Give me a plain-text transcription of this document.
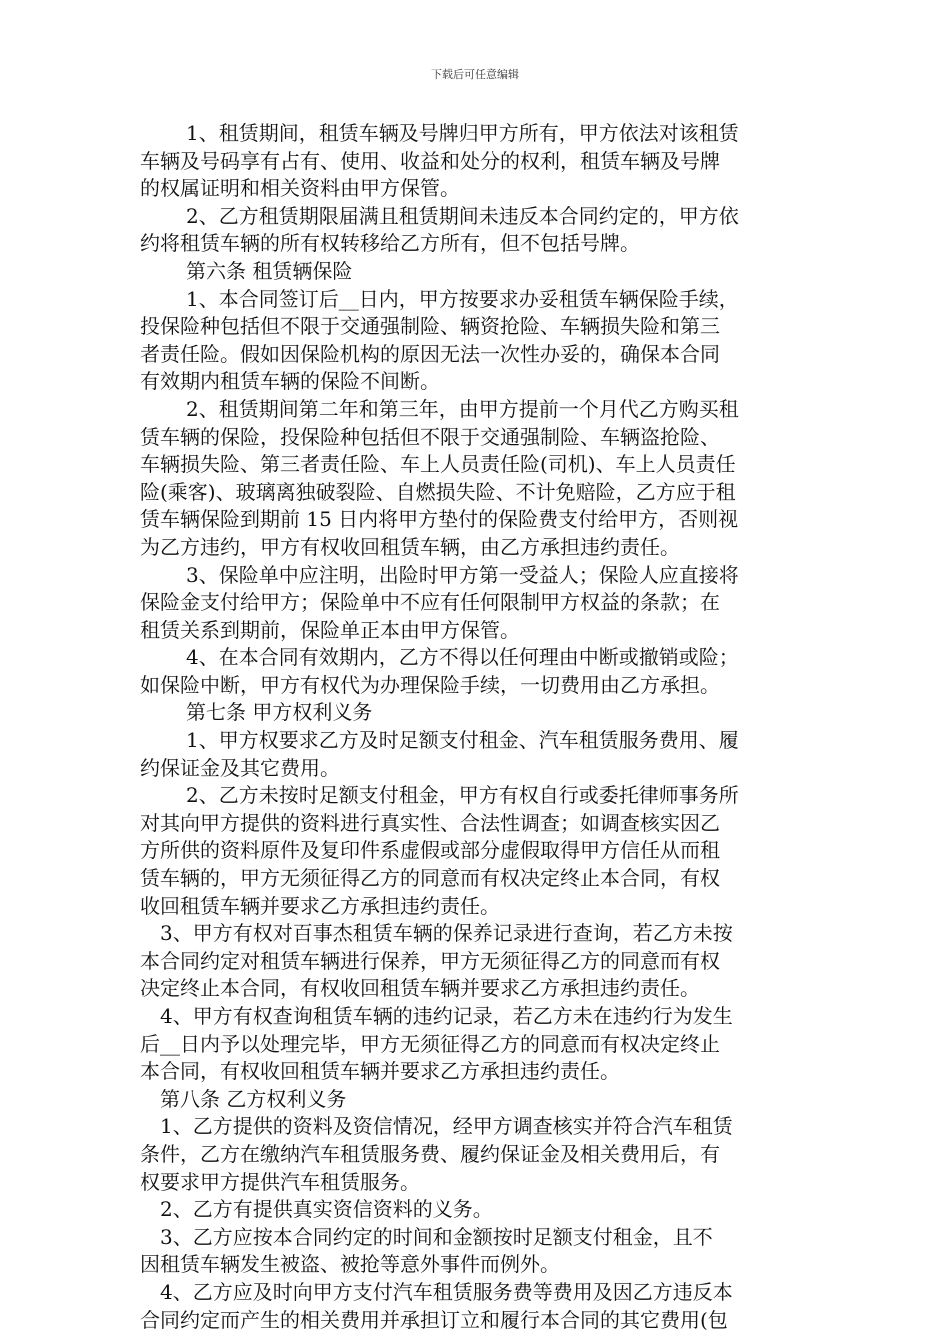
下载后可任意编辑
1、租赁期间，租赁车辆及号牌归甲方所有，甲方依法对该租赁
车辆及号码享有占有、使用、收益和处分的权利，租赁车辆及号牌
的权属证明和相关资料由甲方保管。
2、乙方租赁期限届满且租赁期间未违反本合同约定的，甲方依
约将租赁车辆的所有权转移给乙方所有，但不包括号牌。
第六条 租赁辆保险
1、本合同签订后__日内，甲方按要求办妥租赁车辆保险手续，
投保险种包括但不限于交通强制险、辆资抢险、车辆损失险和第三
者责任险。假如因保险机构的原因无法一次性办妥的，确保本合同
有效期内租赁车辆的保险不间断。
2、租赁期间第二年和第三年，由甲方提前一个月代乙方购买租
赁车辆的保险，投保险种包括但不限于交通强制险、车辆盗抢险、
车辆损失险、第三者责任险、车上人员责任险(司机)、车上人员责任
险(乘客)、玻璃离独破裂险、自燃损失险、不计免赔险，乙方应于租
赁车辆保险到期前 15 日内将甲方垫付的保险费支付给甲方，否则视
为乙方违约，甲方有权收回租赁车辆，由乙方承担违约责任。
3、保险单中应注明，出险时甲方第一受益人；保险人应直接将
保险金支付给甲方；保险单中不应有任何限制甲方权益的条款；在
租赁关系到期前，保险单正本由甲方保管。
4、在本合同有效期内，乙方不得以任何理由中断或撤销或险；
如保险中断，甲方有权代为办理保险手续，一切费用由乙方承担。
第七条 甲方权利义务
1、甲方权要求乙方及时足额支付租金、汽车租赁服务费用、履
约保证金及其它费用。
2、乙方未按时足额支付租金，甲方有权自行或委托律师事务所
对其向甲方提供的资料进行真实性、合法性调查；如调查核实因乙
方所供的资料原件及复印件系虚假或部分虚假取得甲方信任从而租
赁车辆的，甲方无须征得乙方的同意而有权决定终止本合同，有权
收回租赁车辆并要求乙方承担违约责任。
3、甲方有权对百事杰租赁车辆的保养记录进行查询，若乙方未按
本合同约定对租赁车辆进行保养，甲方无须征得乙方的同意而有权
决定终止本合同，有权收回租赁车辆并要求乙方承担违约责任。
4、甲方有权查询租赁车辆的违约记录，若乙方未在违约行为发生
后__日内予以处理完毕，甲方无须征得乙方的同意而有权决定终止
本合同，有权收回租赁车辆并要求乙方承担违约责任。
第八条 乙方权利义务
1、乙方提供的资料及资信情况，经甲方调查核实并符合汽车租赁
条件，乙方在缴纳汽车租赁服务费、履约保证金及相关费用后，有
权要求甲方提供汽车租赁服务。
2、乙方有提供真实资信资料的义务。
3、乙方应按本合同约定的时间和金额按时足额支付租金，且不
因租赁车辆发生被盗、被抢等意外事件而例外。
4、乙方应及时向甲方支付汽车租赁服务费等费用及因乙方违反本
合同约定而产生的相关费用并承担订立和履行本合同的其它费用(包
